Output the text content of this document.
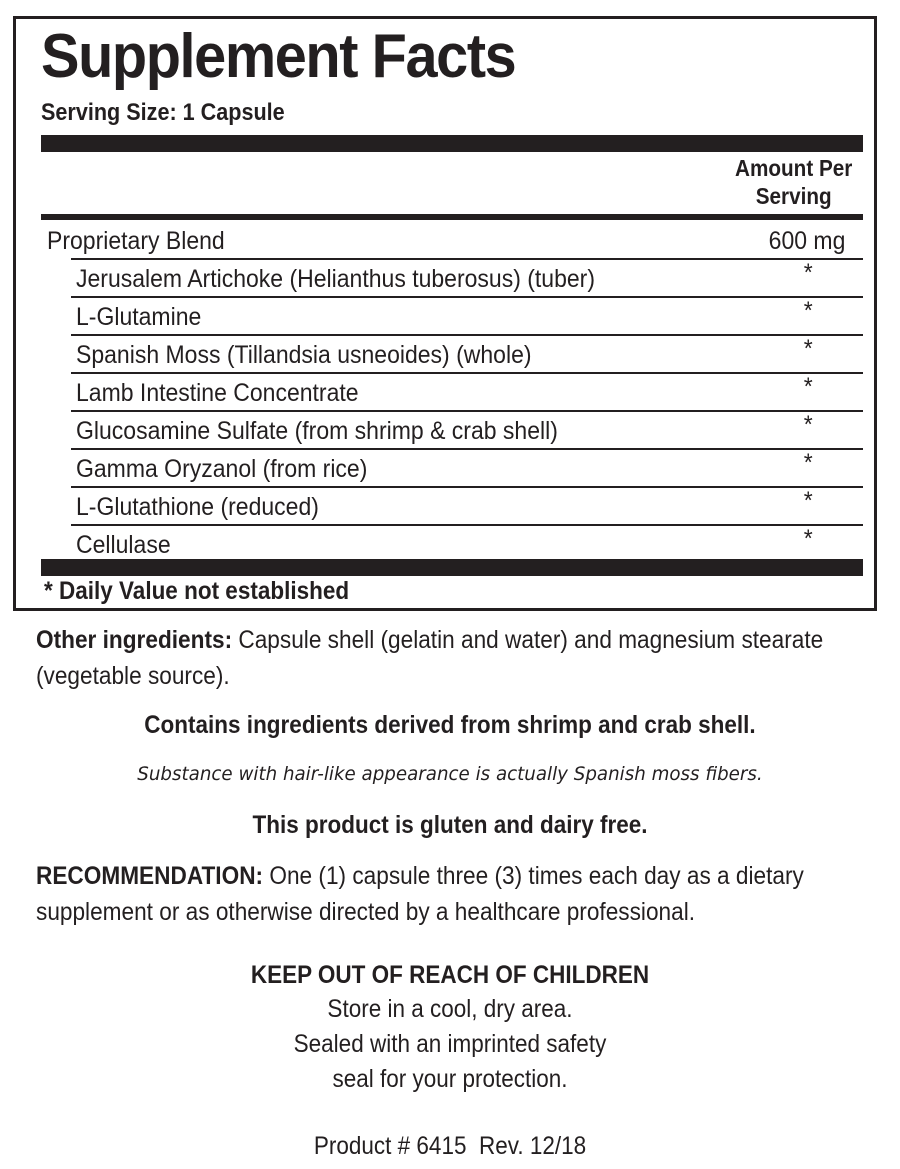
Supplement Facts
Serving Size: 1 Capsule
Amount Per
Serving
Proprietary Blend	600 mg
Jerusalem Artichoke (Helianthus tuberosus) (tuber)	*
L-Glutamine	*
Spanish Moss (Tillandsia usneoides) (whole)	*
Lamb Intestine Concentrate	*
Glucosamine Sulfate (from shrimp & crab shell)	*
Gamma Oryzanol (from rice)	*
L-Glutathione (reduced)	*
Cellulase	*
* Daily Value not established
Other ingredients: Capsule shell (gelatin and water) and magnesium stearate (vegetable source).
Contains ingredients derived from shrimp and crab shell.
Substance with hair-like appearance is actually Spanish moss fibers.
This product is gluten and dairy free.
RECOMMENDATION: One (1) capsule three (3) times each day as a dietary supplement or as otherwise directed by a healthcare professional.
KEEP OUT OF REACH OF CHILDREN
Store in a cool, dry area.
Sealed with an imprinted safety
seal for your protection.
Product # 6415  Rev. 12/18
